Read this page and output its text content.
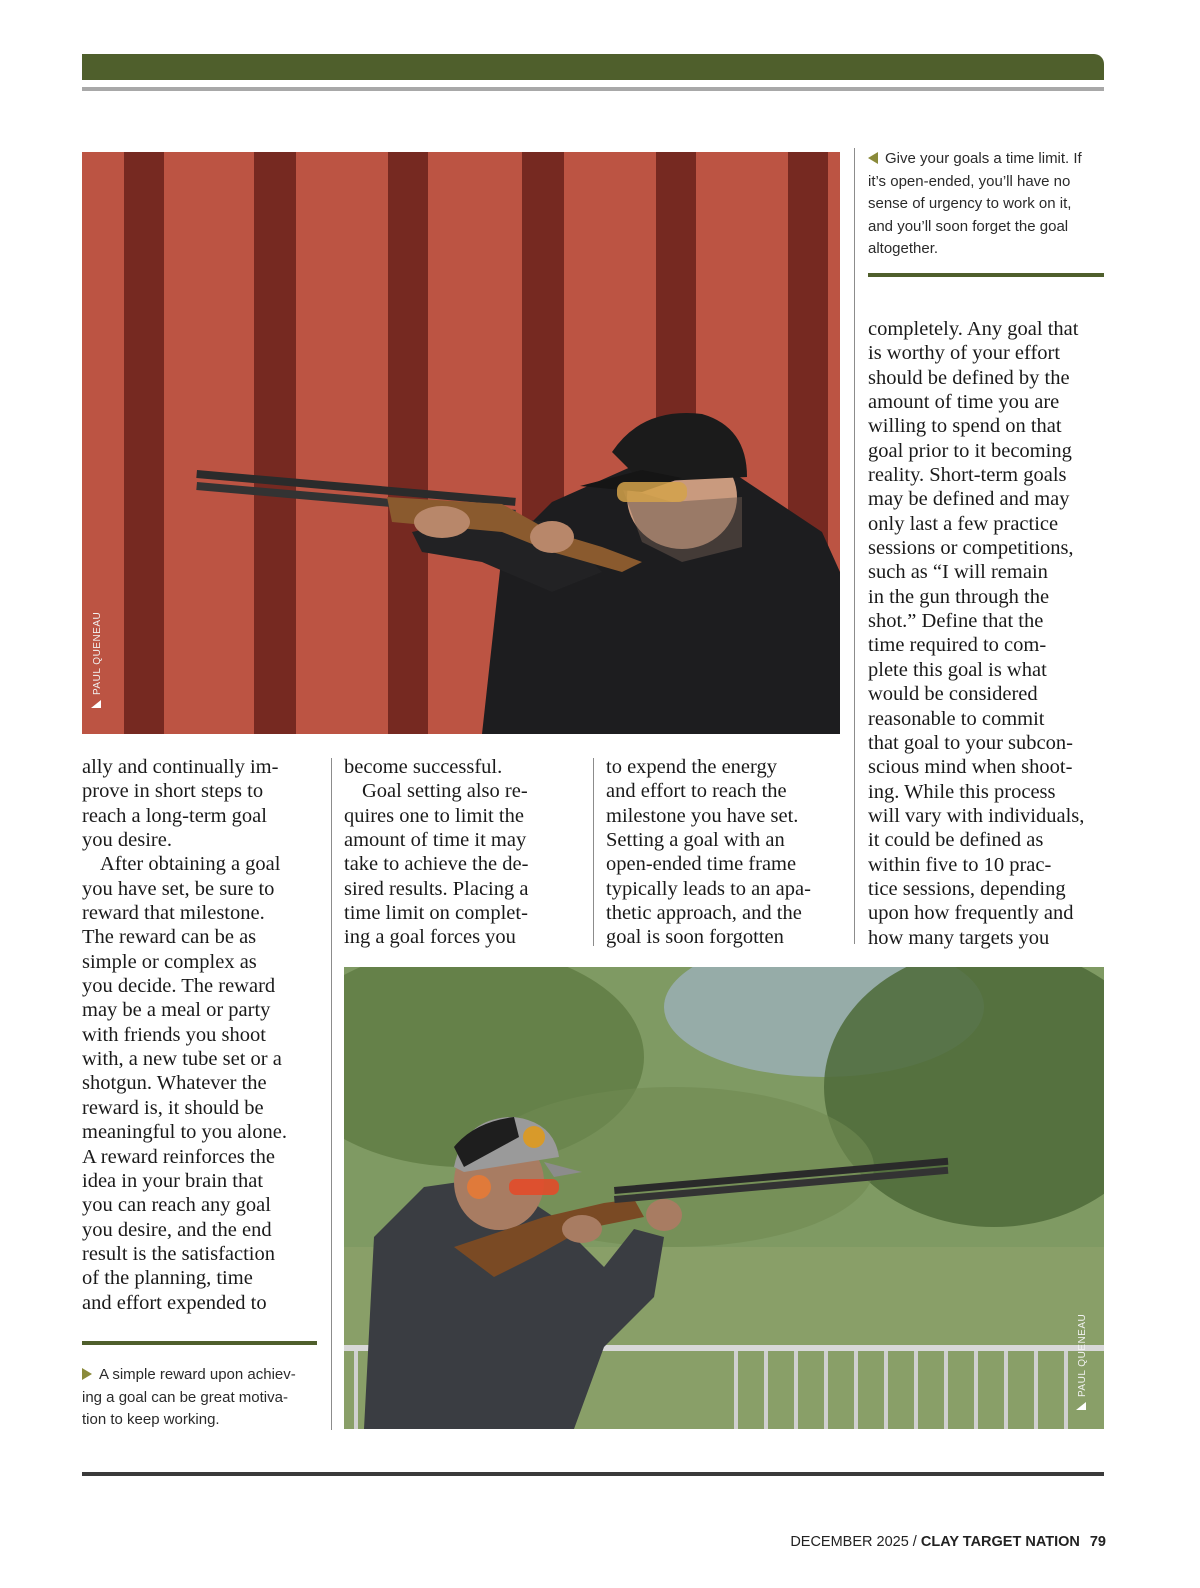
PAUL QUENEAU
Give your goals a time limit. If
it’s open-ended, you’ll have no
sense of urgency to work on it,
and you’ll soon forget the goal
altogether.
completely. Any goal that
is worthy of your effort
should be defined by the
amount of time you are
willing to spend on that
goal prior to it becoming
reality. Short-term goals
may be defined and may
only last a few practice
sessions or competitions,
such as “I will remain
in the gun through the
shot.” Define that the
time required to com-
plete this goal is what
would be considered
reasonable to commit
that goal to your subcon-
scious mind when shoot-
ing. While this process
will vary with individuals,
it could be defined as
within five to 10 prac-
tice sessions, depending
upon how frequently and
how many targets you
ally and continually im-
prove in short steps to
reach a long-term goal
you desire.
After obtaining a goal
you have set, be sure to
reward that milestone.
The reward can be as
simple or complex as
you decide. The reward
may be a meal or party
with friends you shoot
with, a new tube set or a
shotgun. Whatever the
reward is, it should be
meaningful to you alone.
A reward reinforces the
idea in your brain that
you can reach any goal
you desire, and the end
result is the satisfaction
of the planning, time
and effort expended to
become successful.
Goal setting also re-
quires one to limit the
amount of time it may
take to achieve the de-
sired results. Placing a
time limit on complet-
ing a goal forces you
to expend the energy
and effort to reach the
milestone you have set.
Setting a goal with an
open-ended time frame
typically leads to an apa-
thetic approach, and the
goal is soon forgotten
PAUL QUENEAU
A simple reward upon achiev-
ing a goal can be great motiva-
tion to keep working.
DECEMBER 2025 / CLAY TARGET NATION 79
